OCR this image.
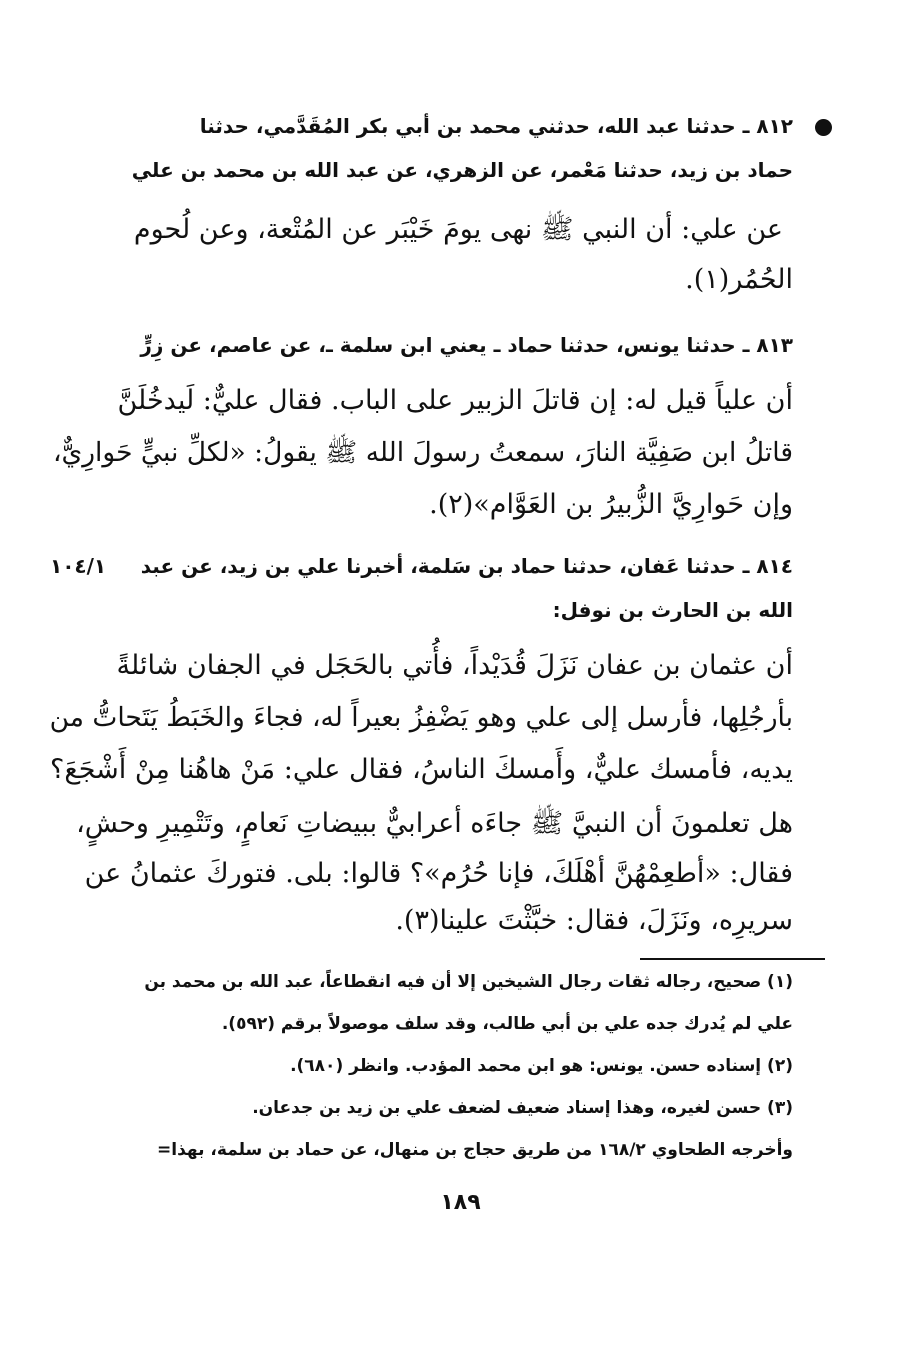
٨١٢ ـ حدثنا عبد الله، حدثني محمد بن أبي بكر المُقَدَّمي، حدثنا
حماد بن زيد، حدثنا مَعْمر، عن الزهري، عن عبد الله بن محمد بن علي
عن علي: أن النبي ﷺ نهى يومَ خَيْبَر عن المُتْعة، وعن لُحوم
الحُمُر(١).
٨١٣ ـ حدثنا يونس، حدثنا حماد ـ يعني ابن سلمة ـ، عن عاصم، عن زِرٍّ
أن علياً قيل له: إن قاتلَ الزبير على الباب. فقال عليٌّ: لَيدخُلَنَّ
قاتلُ ابن صَفِيَّة النارَ، سمعتُ رسولَ الله ﷺ يقولُ: «لكلِّ نبيٍّ حَوارِيٌّ،
وإن حَوارِيَّ الزُّبيرُ بن العَوَّام»(٢).
١٠٤/١ ٨١٤ ـ حدثنا عَفان، حدثنا حماد بن سَلمة، أخبرنا علي بن زيد، عن عبد
الله بن الحارث بن نوفل:
أن عثمان بن عفان نَزَلَ قُدَيْداً، فأُتي بالحَجَل في الجفان شائلةً
بأرجُلِها، فأرسل إلى علي وهو يَضْفِزُ بعيراً له، فجاءَ والخَبَطُ يَتَحاتُّ من
يديه، فأمسك عليٌّ، وأَمسكَ الناسُ، فقال علي: مَنْ هاهُنا مِنْ أَشْجَعَ؟
هل تعلمونَ أن النبيَّ ﷺ جاءَه أعرابيٌّ ببيضاتِ نَعامٍ، وتَتْمِيرِ وحشٍ،
فقال: «أطعِمْهُنَّ أهْلَكَ، فإنا حُرُم»؟ قالوا: بلى. فتوركَ عثمانُ عن
سريرِه، ونَزَلَ، فقال: خبَّثْتَ علينا(٣).
(١) صحيح، رجاله ثقات رجال الشيخين إلا أن فيه انقطاعاً، عبد الله بن محمد بن
علي لم يُدرك جده علي بن أبي طالب، وقد سلف موصولاً برقم (٥٩٢).
(٢) إسناده حسن. يونس: هو ابن محمد المؤدب. وانظر (٦٨٠).
(٣) حسن لغيره، وهذا إسناد ضعيف لضعف علي بن زيد بن جدعان.
وأخرجه الطحاوي ١٦٨/٢ من طريق حجاج بن منهال، عن حماد بن سلمة، بهذا=
١٨٩
